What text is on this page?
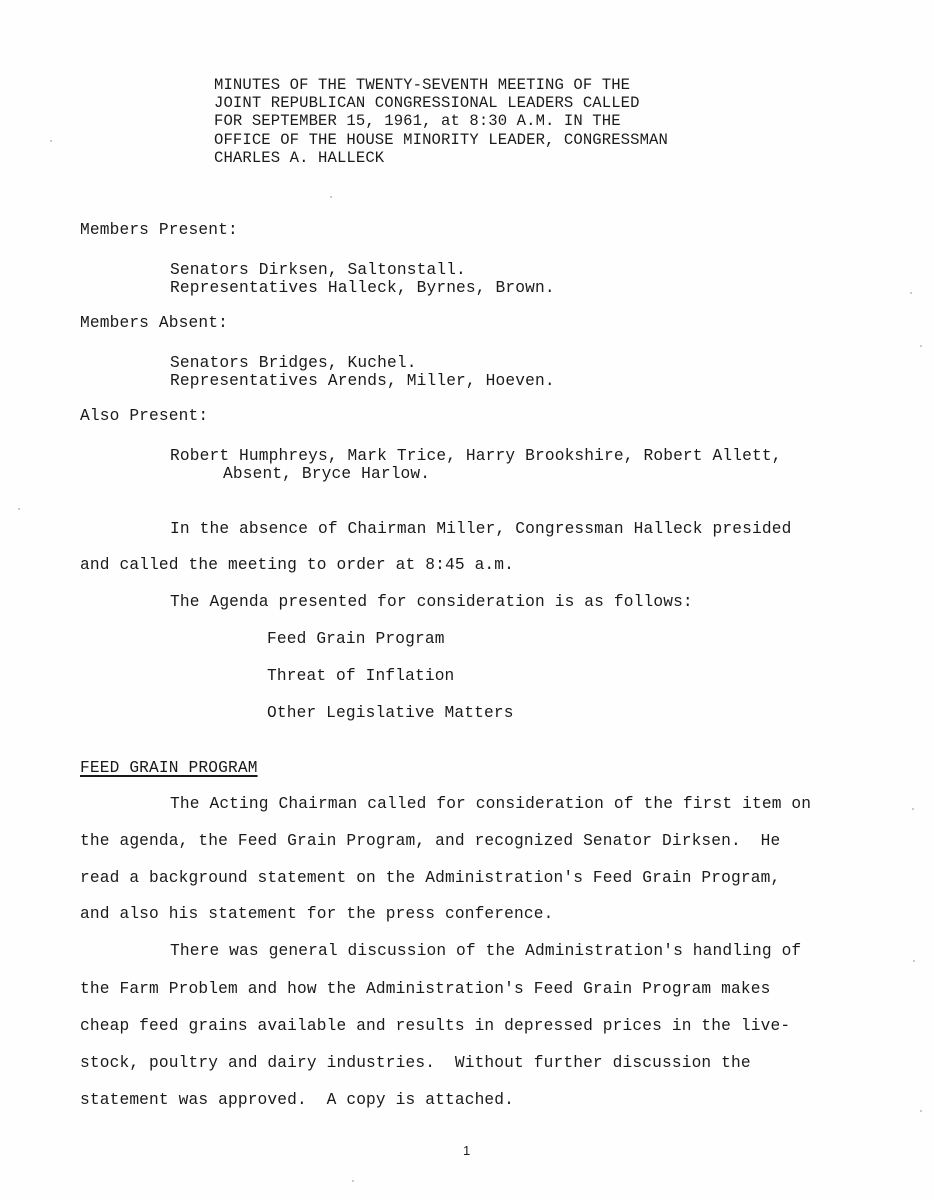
MINUTES OF THE TWENTY-SEVENTH MEETING OF THE
JOINT REPUBLICAN CONGRESSIONAL LEADERS CALLED
FOR SEPTEMBER 15, 1961, at 8:30 A.M. IN THE
OFFICE OF THE HOUSE MINORITY LEADER, CONGRESSMAN
CHARLES A. HALLECK
Members Present:
Senators Dirksen, Saltonstall.
Representatives Halleck, Byrnes, Brown.
Members Absent:
Senators Bridges, Kuchel.
Representatives Arends, Miller, Hoeven.
Also Present:
Robert Humphreys, Mark Trice, Harry Brookshire, Robert Allett,
Absent, Bryce Harlow.
In the absence of Chairman Miller, Congressman Halleck presided
and called the meeting to order at 8:45 a.m.
The Agenda presented for consideration is as follows:
Feed Grain Program
Threat of Inflation
Other Legislative Matters
FEED GRAIN PROGRAM
The Acting Chairman called for consideration of the first item on
the agenda, the Feed Grain Program, and recognized Senator Dirksen.  He
read a background statement on the Administration's Feed Grain Program,
and also his statement for the press conference.
There was general discussion of the Administration's handling of
the Farm Problem and how the Administration's Feed Grain Program makes
cheap feed grains available and results in depressed prices in the live-
stock, poultry and dairy industries.  Without further discussion the
statement was approved.  A copy is attached.
1
